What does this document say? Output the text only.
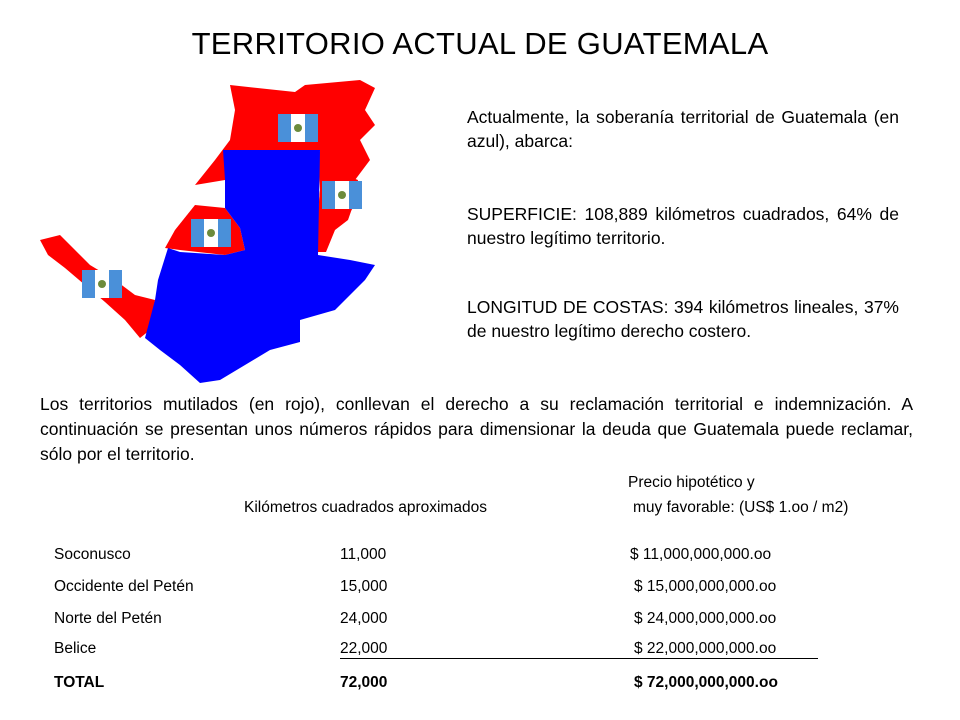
TERRITORIO ACTUAL DE GUATEMALA
Actualmente, la soberanía territorial de Guatemala (en azul), abarca:
SUPERFICIE: 108,889 kilómetros cuadrados, 64% de nuestro legítimo territorio.
LONGITUD DE COSTAS: 394 kilómetros lineales, 37% de nuestro legítimo derecho costero.
Los territorios mutilados (en rojo), conllevan el derecho a su reclamación territorial e indemnización. A continuación se presentan unos números rápidos para dimensionar la deuda que Guatemala puede reclamar, sólo por el territorio.
Kilómetros cuadrados aproximados
Precio hipotético y
muy favorable: (US$ 1.oo / m2)
Soconusco	11,000	$ 11,000,000,000.oo
Occidente del Petén	15,000	$ 15,000,000,000.oo
Norte del Petén	24,000	$ 24,000,000,000.oo
Belice	22,000	$ 22,000,000,000.oo
TOTAL	72,000	$ 72,000,000,000.oo
